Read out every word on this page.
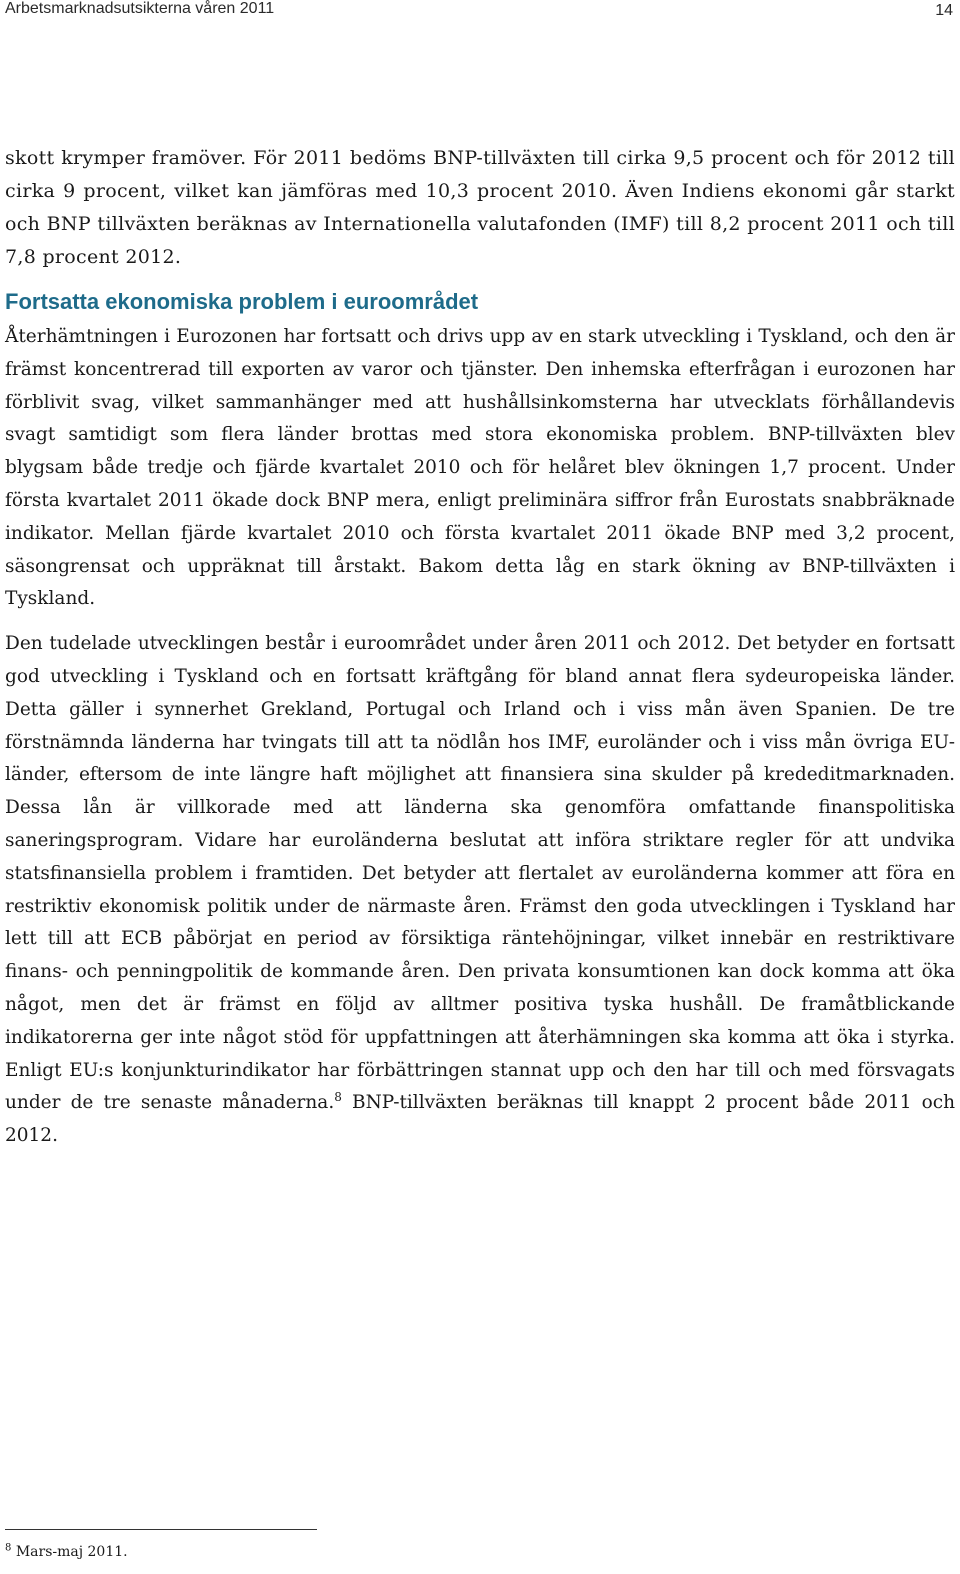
Arbetsmarknadsutsikterna våren 2011	14

skott krymper framöver. För 2011 bedöms BNP-tillväxten till cirka 9,5 procent och för 2012 till cirka 9 procent, vilket kan jämföras med 10,3 procent 2010. Även Indiens ekonomi går starkt och BNP tillväxten beräknas av Internationella valutafonden (IMF) till 8,2 procent 2011 och till 7,8 procent 2012.

Fortsatta ekonomiska problem i euroområdet

Återhämtningen i Eurozonen har fortsatt och drivs upp av en stark utveckling i Tyskland, och den är främst koncentrerad till exporten av varor och tjänster. Den inhemska efterfrågan i eurozonen har förblivit svag, vilket sammanhänger med att hushållsinkomsterna har utvecklats förhållandevis svagt samtidigt som flera länder brottas med stora ekonomiska problem. BNP-tillväxten blev blygsam både tredje och fjärde kvartalet 2010 och för helåret blev ökningen 1,7 procent. Under första kvartalet 2011 ökade dock BNP mera, enligt preliminära siffror från Eurostats snabbräknade indikator. Mellan fjärde kvartalet 2010 och första kvartalet 2011 ökade BNP med 3,2 procent, säsongrensat och uppräknat till årstakt. Bakom detta låg en stark ökning av BNP-tillväxten i Tyskland.

Den tudelade utvecklingen består i euroområdet under åren 2011 och 2012. Det betyder en fortsatt god utveckling i Tyskland och en fortsatt kräftgång för bland annat flera sydeuropeiska länder. Detta gäller i synnerhet Grekland, Portugal och Irland och i viss mån även Spanien. De tre förstnämnda länderna har tvingats till att ta nödlån hos IMF, euroländer och i viss mån övriga EU-länder, eftersom de inte längre haft möjlighet att finansiera sina skulder på krededitmarknaden. Dessa lån är villkorade med att länderna ska genomföra omfattande finanspolitiska saneringsprogram. Vidare har euroländerna beslutat att införa striktare regler för att undvika statsfinansiella problem i framtiden. Det betyder att flertalet av euroländerna kommer att föra en restriktiv ekonomisk politik under de närmaste åren. Främst den goda utvecklingen i Tyskland har lett till att ECB påbörjat en period av försiktiga räntehöjningar, vilket innebär en restriktivare finans- och penningpolitik de kommande åren. Den privata konsumtionen kan dock komma att öka något, men det är främst en följd av alltmer positiva tyska hushåll. De framåtblickande indikatorerna ger inte något stöd för uppfattningen att återhämningen ska komma att öka i styrka. Enligt EU:s konjunkturindikator har förbättringen stannat upp och den har till och med försvagats under de tre senaste månaderna.$^8$ BNP-tillväxten beräknas till knappt 2 procent både 2011 och 2012.

$^8$ Mars-maj 2011.
